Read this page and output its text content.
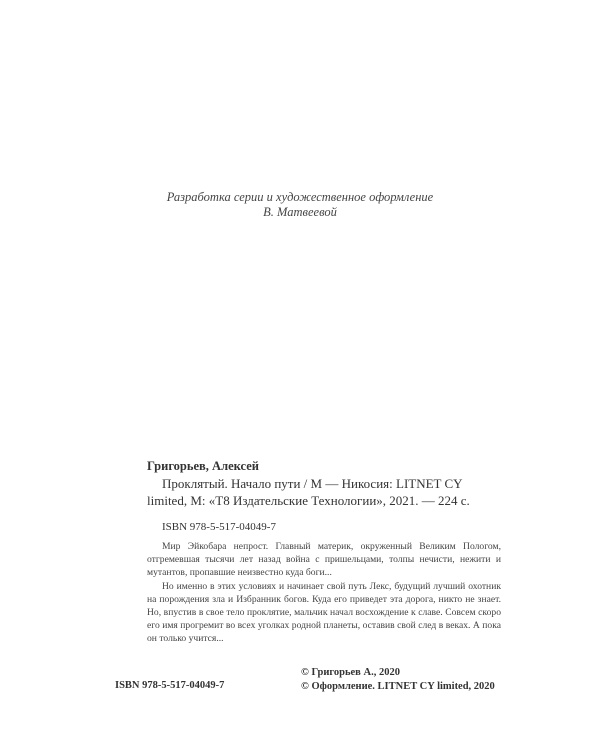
Разработка серии и художественное оформление
В. Матвеевой
Григорьев, Алексей
Проклятый. Начало пути / М — Никосия: LITNET CY limited, М: «Т8 Издательские Технологии», 2021. — 224 с.
ISBN 978-5-517-04049-7

Мир Эйкобара непрост. Главный материк, окруженный Великим Пологом, отгремевшая тысячи лет назад война с пришельцами, толпы нечисти, нежити и мутантов, пропавшие неизвестно куда боги...

Но именно в этих условиях и начинает свой путь Лекс, будущий лучший охотник на порождения зла и Избранник богов. Куда его приведет эта дорога, никто не знает. Но, впустив в свое тело проклятие, мальчик начал восхождение к славе. Совсем скоро его имя прогремит во всех уголках родной планеты, оставив свой след в веках. А пока он только учится...

ISBN 978-5-517-04049-7
© Григорьев А., 2020
© Оформление. LITNET CY limited, 2020
